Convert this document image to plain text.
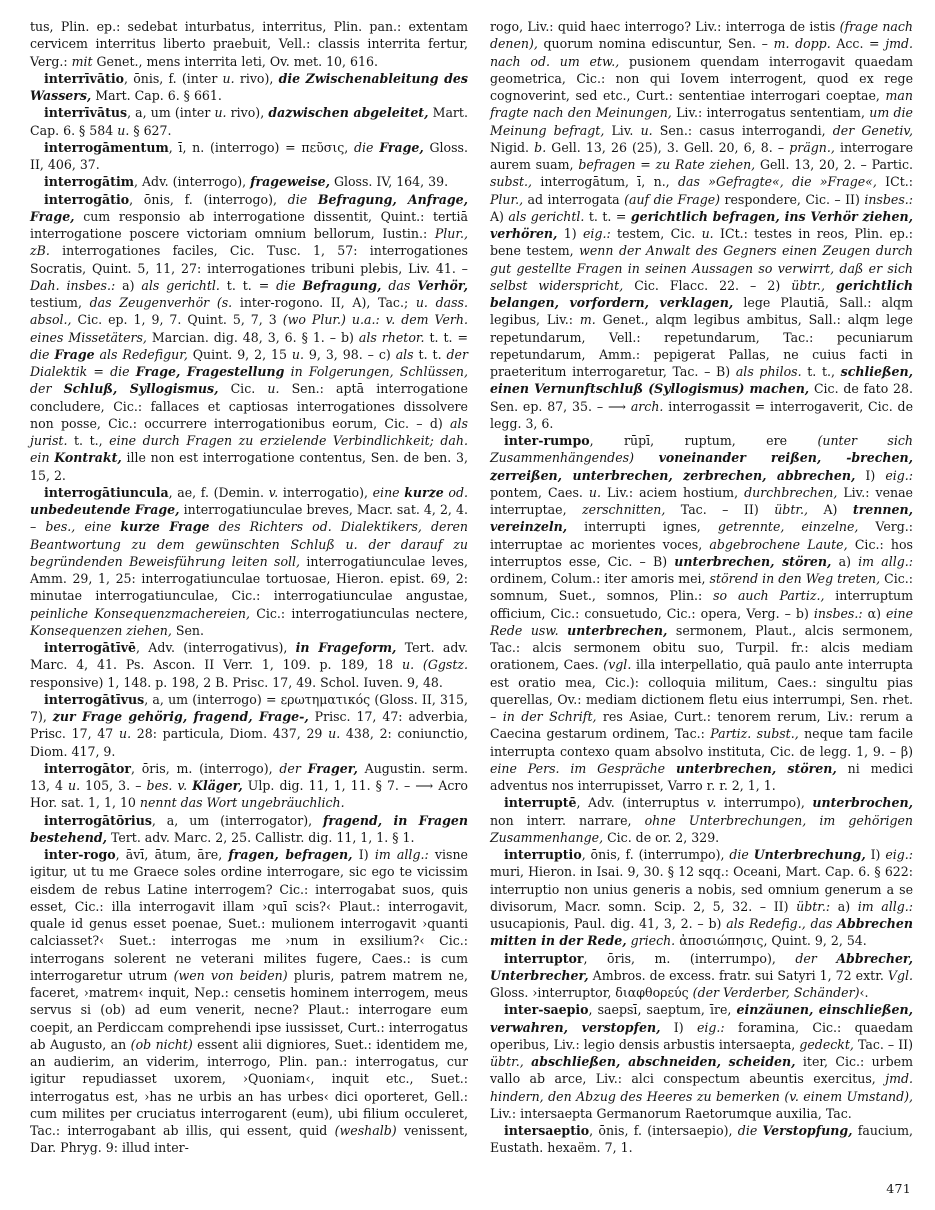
tus, Plin. ep.: sedebat inturbatus, interritus, Plin. pan.: extentam cervicem interritus liberto praebuit, Vell.: classis interrita fertur, Verg.: mit Genet., mens interrita leti, Ov. met. 10, 616.

interrīvātio, ōnis, f. (inter u. rivo), die Zwischenableitung des Wassers, Mart. Cap. 6. § 661.

interrīvātus, a, um (inter u. rivo), dazwischen abgeleitet, Mart. Cap. 6. § 584 u. § 627.

interrogāmentum, ī, n. (interrogo) = πεῦσις, die Frage, Gloss. II, 406, 37.

interrogātim, Adv. (interrogo), frageweise, Gloss. IV, 164, 39.

interrogātio, ōnis, f. (interrogo), die Befragung, Anfrage, Frage, cum responsio ab interrogatione dissentit, Quint.: tertiā interrogatione poscere victoriam omnium bellorum, Iustin.: Plur., zB. interrogationes faciles, Cic. Tusc. 1, 57: interrogationes Socratis, Quint. 5, 11, 27: interrogationes tribuni plebis, Liv. 41. – Dah. insbes.: a) als gerichtl. t. t. = die Befragung, das Verhör, testium, das Zeugenverhör (s. inter-rogono. II, A), Tac.; u. dass. absol., Cic. ep. 1, 9, 7. Quint. 5, 7, 3 (wo Plur.) u.a.: v. dem Verh. eines Missetäters, Marcian. dig. 48, 3, 6. § 1. – b) als rhetor. t. t. = die Frage als Redefigur, Quint. 9, 2, 15 u. 9, 3, 98. – c) als t. t. der Dialektik = die Frage, Fragestellung in Folgerungen, Schlüssen, der Schluß, Syllogismus, Cic. u. Sen.: aptā interrogatione concludere, Cic.: fallaces et captiosas interrogationes dissolvere non posse, Cic.: occurrere interrogationibus eorum, Cic. – d) als jurist. t. t., eine durch Fragen zu erzielende Verbindlichkeit; dah. ein Kontrakt, ille non est interrogatione contentus, Sen. de ben. 3, 15, 2.

interrogātiuncula, ae, f. (Demin. v. interrogatio), eine kurze od. unbedeutende Frage, interrogatiunculae breves, Macr. sat. 4, 2, 4. – bes., eine kurze Frage des Richters od. Dialektikers, deren Beantwortung zu dem gewünschten Schluß u. der darauf zu begründenden Beweisführung leiten soll, interrogatiunculae leves, Amm. 29, 1, 25: interrogatiunculae tortuosae, Hieron. epist. 69, 2: minutae interrogatiunculae, Cic.: interrogatiunculae angustae, peinliche Konsequenzmachereien, Cic.: interrogatiunculas nectere, Konsequenzen ziehen, Sen.

interrogātīvē, Adv. (interrogativus), in Frageform, Tert. adv. Marc. 4, 41. Ps. Ascon. II Verr. 1, 109. p. 189, 18 u. (Ggstz. responsive) 1, 148. p. 198, 2 B. Prisc. 17, 49. Schol. Iuven. 9, 48.

interrogātīvus, a, um (interrogo) = ερωτηματικός (Gloss. II, 315, 7), zur Frage gehörig, fragend, Frage-, Prisc. 17, 47: adverbia, Prisc. 17, 47 u. 28: particula, Diom. 437, 29 u. 438, 2: coniunctio, Diom. 417, 9.

interrogātor, ōris, m. (interrogo), der Frager, Augustin. serm. 13, 4 u. 105, 3. – bes. v. Kläger, Ulp. dig. 11, 1, 11. § 7. – ⟶ Acro Hor. sat. 1, 1, 10 nennt das Wort ungebräuchlich.

interrogātōrius, a, um (interrogator), fragend, in Fragen bestehend, Tert. adv. Marc. 2, 25. Callistr. dig. 11, 1, 1. § 1.

inter-rogo, āvī, ātum, āre, fragen, befragen, I) im allg.: visne igitur, ut tu me Graece soles ordine interrogare, sic ego te vicissim eisdem de rebus Latine interrogem? Cic.: interrogabat suos, quis esset, Cic.: illa interrogavit illam ›quī scis?‹ Plaut.: interrogavit, quale id genus esset poenae, Suet.: mulionem interrogavit ›quanti calciasset?‹ Suet.: interrogas me ›num in exsilium?‹ Cic.: interrogans solerent ne veterani milites fugere, Caes.: is cum interrogaretur utrum (wen von beiden) pluris, patrem matrem ne, faceret, ›matrem‹ inquit, Nep.: censetis hominem interrogem, meus servus si (ob) ad eum venerit, necne? Plaut.: interrogare eum coepit, an Perdiccam comprehendi ipse iussisset, Curt.: interrogatus ab Augusto, an (ob nicht) essent alii digniores, Suet.: identidem me, an audierim, an viderim, interrogo, Plin. pan.: interrogatus, cur igitur repudiasset uxorem, ›Quoniam‹, inquit etc., Suet.: interrogatus est, ›has ne urbis an has urbes‹ dici oporteret, Gell.: cum milites per cruciatus interrogarent (eum), ubi filium occuleret, Tac.: interrogabant ab illis, qui essent, quid (weshalb) venissent, Dar. Phryg. 9: illud inter-

rogo, Liv.: quid haec interrogo? Liv.: interroga de istis (frage nach denen), quorum nomina ediscuntur, Sen. – m. dopp. Acc. = jmd. nach od. um etw., pusionem quendam interrogavit quaedam geometrica, Cic.: non qui Iovem interrogent, quod ex rege cognoverint, sed etc., Curt.: sententiae interrogari coeptae, man fragte nach den Meinungen, Liv.: interrogatus sententiam, um die Meinung befragt, Liv. u. Sen.: casus interrogandi, der Genetiv, Nigid. b. Gell. 13, 26 (25), 3. Gell. 20, 6, 8. – prägn., interrogare aurem suam, befragen = zu Rate ziehen, Gell. 13, 20, 2. – Partic. subst., interrogātum, ī, n., das »Gefragte«, die »Frage«, ICt.: Plur., ad interrogata (auf die Frage) respondere, Cic. – II) insbes.: A) als gerichtl. t. t. = gerichtlich befragen, ins Verhör ziehen, verhören, 1) eig.: testem, Cic. u. ICt.: testes in reos, Plin. ep.: bene testem, wenn der Anwalt des Gegners einen Zeugen durch gut gestellte Fragen in seinen Aussagen so verwirrt, daß er sich selbst widerspricht, Cic. Flacc. 22. – 2) übtr., gerichtlich belangen, vorfordern, verklagen, lege Plautiā, Sall.: alqm legibus, Liv.: m. Genet., alqm legibus ambitus, Sall.: alqm lege repetundarum, Vell.: repetundarum, Tac.: pecuniarum repetundarum, Amm.: pepigerat Pallas, ne cuius facti in praeteritum interrogaretur, Tac. – B) als philos. t. t., schließen, einen Vernunftschluß (Syllogismus) machen, Cic. de fato 28. Sen. ep. 87, 35. – ⟶ arch. interrogassit = interrogaverit, Cic. de legg. 3, 6.

inter-rumpo, rūpī, ruptum, ere (unter sich Zusammenhängendes) voneinander reißen, -brechen, zerreißen, unterbrechen, zerbrechen, abbrechen, I) eig.: pontem, Caes. u. Liv.: aciem hostium, durchbrechen, Liv.: venae interruptae, zerschnitten, Tac. – II) übtr., A) trennen, vereinzeln, interrupti ignes, getrennte, einzelne, Verg.: interruptae ac morientes voces, abgebrochene Laute, Cic.: hos interruptos esse, Cic. – B) unterbrechen, stören, a) im allg.: ordinem, Colum.: iter amoris mei, störend in den Weg treten, Cic.: somnum, Suet., somnos, Plin.: so auch Partiz., interruptum officium, Cic.: consuetudo, Cic.: opera, Verg. – b) insbes.: α) eine Rede usw. unterbrechen, sermonem, Plaut., alcis sermonem, Tac.: alcis sermonem obitu suo, Turpil. fr.: alcis mediam orationem, Caes. (vgl. illa interpellatio, quā paulo ante interrupta est oratio mea, Cic.): colloquia militum, Caes.: singultu pias querellas, Ov.: mediam dictionem fletu eius interrumpi, Sen. rhet. – in der Schrift, res Asiae, Curt.: tenorem rerum, Liv.: rerum a Caecina gestarum ordinem, Tac.: Partiz. subst., neque tam facile interrupta contexo quam absolvo instituta, Cic. de legg. 1, 9. – β) eine Pers. im Gespräche unterbrechen, stören, ni medici adventus nos interrupisset, Varro r. r. 2, 1, 1.

interruptē, Adv. (interruptus v. interrumpo), unterbrochen, non interr. narrare, ohne Unterbrechungen, im gehörigen Zusammenhange, Cic. de or. 2, 329.

interruptio, ōnis, f. (interrumpo), die Unterbrechung, I) eig.: muri, Hieron. in Isai. 9, 30. § 12 sqq.: Oceani, Mart. Cap. 6. § 622: interruptio non unius generis a nobis, sed omnium generum a se divisorum, Macr. somn. Scip. 2, 5, 32. – II) übtr.: a) im allg.: usucapionis, Paul. dig. 41, 3, 2. – b) als Redefig., das Abbrechen mitten in der Rede, griech. ἀποσιώπησις, Quint. 9, 2, 54.

interruptor, ōris, m. (interrumpo), der Abbrecher, Unterbrecher, Ambros. de excess. fratr. sui Satyri 1, 72 extr. Vgl. Gloss. ›interruptor, διαφθορεύς (der Verderber, Schänder)‹.

inter-saepio, saepsī, saeptum, īre, einzäunen, einschließen, verwahren, verstopfen, I) eig.: foramina, Cic.: quaedam operibus, Liv.: legio densis arbustis intersaepta, gedeckt, Tac. – II) übtr., abschließen, abschneiden, scheiden, iter, Cic.: urbem vallo ab arce, Liv.: alci conspectum abeuntis exercitus, jmd. hindern, den Abzug des Heeres zu bemerken (v. einem Umstand), Liv.: intersaepta Germanorum Raetorumque auxilia, Tac.

intersaeptio, ōnis, f. (intersaepio), die Verstopfung, faucium, Eustath. hexaëm. 7, 1.

471
